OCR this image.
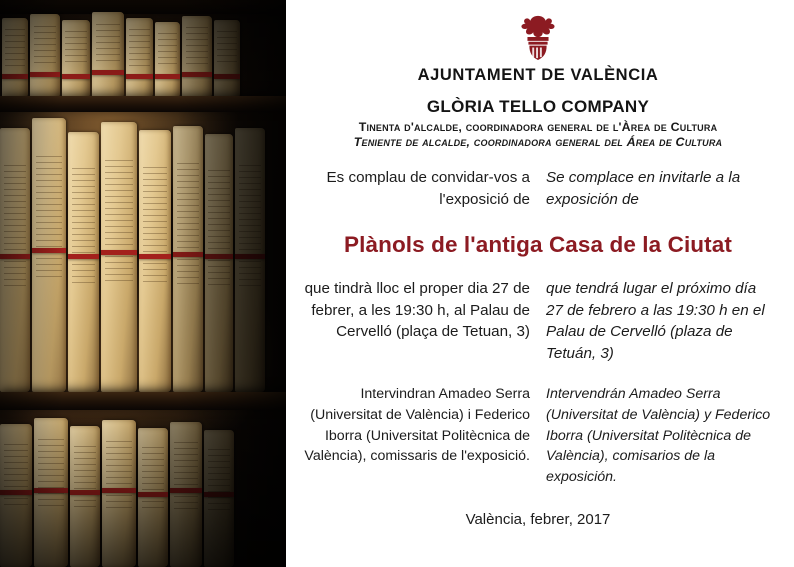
AJUNTAMENT DE VALÈNCIA
GLÒRIA TELLO COMPANY
Tinenta d'alcalde, coordinadora general de l'Àrea de Cultura
Teniente de alcalde, coordinadora general del Área de Cultura
Es complau de convidar-vos a l'exposició de
Se complace en invitarle a la exposición de
Plànols de l'antiga Casa de la Ciutat
que tindrà lloc el proper dia 27 de febrer, a les 19:30 h, al Palau de Cervelló (plaça de Tetuan, 3)
que tendrá lugar el próximo día 27 de febrero a las 19:30 h en el Palau de Cervelló (plaza de Tetuán, 3)
Intervindran Amadeo Serra (Universitat de València) i Federico Iborra (Universitat Politècnica de València), comissaris de l'exposició.
Intervendrán Amadeo Serra (Universitat de València) y Federico Iborra (Universitat Politècnica de València), comisarios de la exposición.
València, febrer, 2017
